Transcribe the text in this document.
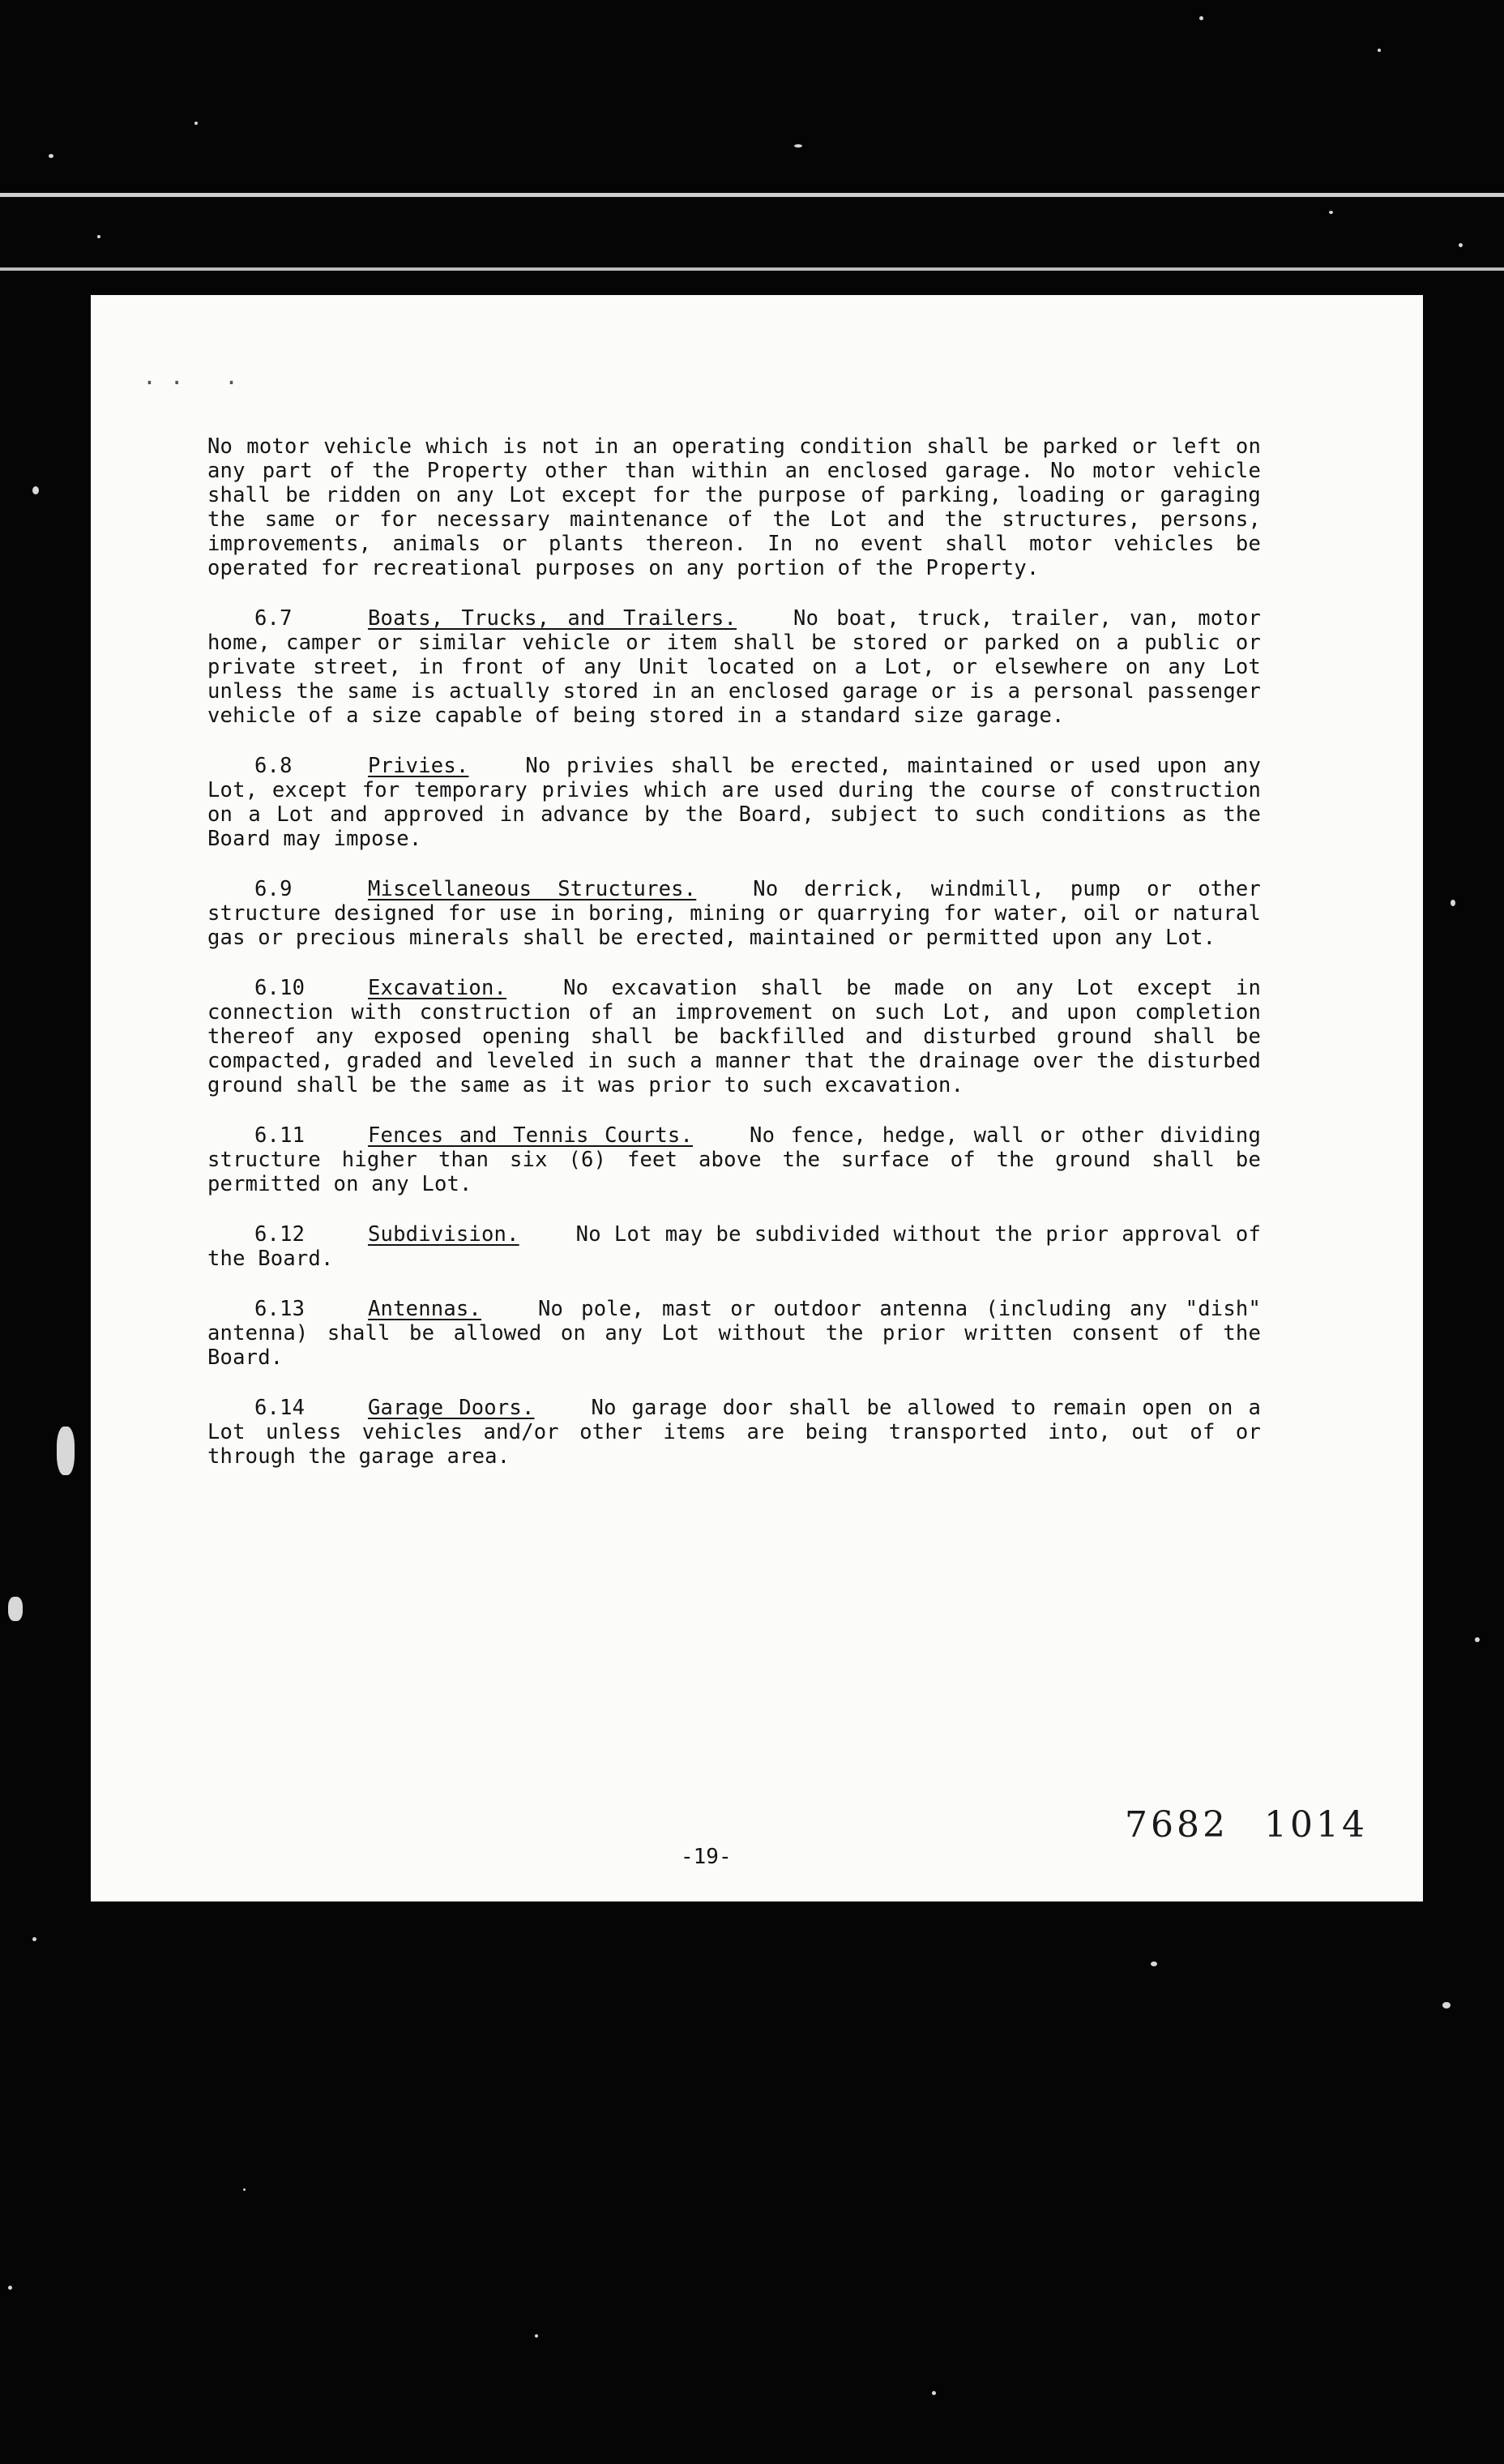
. .   .

No motor vehicle which is not in an operating condition shall be parked or left on any part of the Property other than within an enclosed garage. No motor vehicle shall be ridden on any Lot except for the purpose of parking, loading or garaging the same or for necessary maintenance of the Lot and the structures, persons, improvements, animals or plants thereon. In no event shall motor vehicles be operated for recreational purposes on any portion of the Property.

6.7	Boats, Trucks, and Trailers.	No boat, truck, trailer, van, motor home, camper or similar vehicle or item shall be stored or parked on a public or private street, in front of any Unit located on a Lot, or elsewhere on any Lot unless the same is actually stored in an enclosed garage or is a personal passenger vehicle of a size capable of being stored in a standard size garage.

6.8	Privies.	No privies shall be erected, maintained or used upon any Lot, except for temporary privies which are used during the course of construction on a Lot and approved in advance by the Board, subject to such conditions as the Board may impose.

6.9	Miscellaneous Structures.	No derrick, windmill, pump or other structure designed for use in boring, mining or quarrying for water, oil or natural gas or precious minerals shall be erected, maintained or permitted upon any Lot.

6.10	Excavation.	No excavation shall be made on any Lot except in connection with construction of an improvement on such Lot, and upon completion thereof any exposed opening shall be backfilled and disturbed ground shall be compacted, graded and leveled in such a manner that the drainage over the disturbed ground shall be the same as it was prior to such excavation.

6.11	Fences and Tennis Courts.	No fence, hedge, wall or other dividing structure higher than six (6) feet above the surface of the ground shall be permitted on any Lot.

6.12	Subdivision.	No Lot may be subdivided without the prior approval of the Board.

6.13	Antennas.	No pole, mast or outdoor antenna (including any "dish" antenna) shall be allowed on any Lot without the prior written consent of the Board.

6.14	Garage Doors.	No garage door shall be allowed to remain open on a Lot unless vehicles and/or other items are being transported into, out of or through the garage area.

7682 1014
-19-
